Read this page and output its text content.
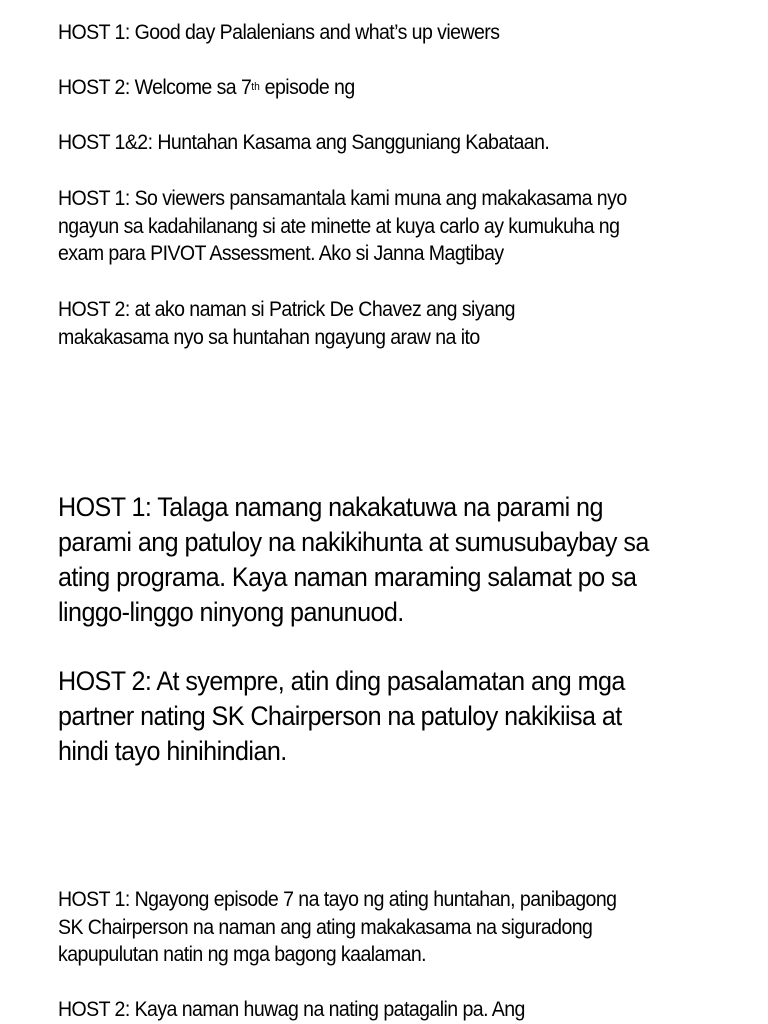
HOST 1: Good day Palalenians and what’s up viewers

HOST 2: Welcome sa 7th episode ng

HOST 1&2: Huntahan Kasama ang Sangguniang Kabataan.

HOST 1: So viewers pansamantala kami muna ang makakasama nyo
ngayun sa kadahilanang si ate minette at kuya carlo ay kumukuha ng
exam para PIVOT Assessment. Ako si Janna Magtibay

HOST 2: at ako naman si Patrick De Chavez ang siyang
makakasama nyo sa huntahan ngayung araw na ito

HOST 1: Talaga namang nakakatuwa na parami ng
parami ang patuloy na nakikihunta at sumusubaybay sa
ating programa. Kaya naman maraming salamat po sa
linggo-linggo ninyong panunuod.

HOST 2: At syempre, atin ding pasalamatan ang mga
partner nating SK Chairperson na patuloy nakikiisa at
hindi tayo hinihindian.

HOST 1: Ngayong episode 7 na tayo ng ating huntahan, panibagong
SK Chairperson na naman ang ating makakasama na siguradong
kapupulutan natin ng mga bagong kaalaman.

HOST 2: Kaya naman huwag na nating patagalin pa. Ang
